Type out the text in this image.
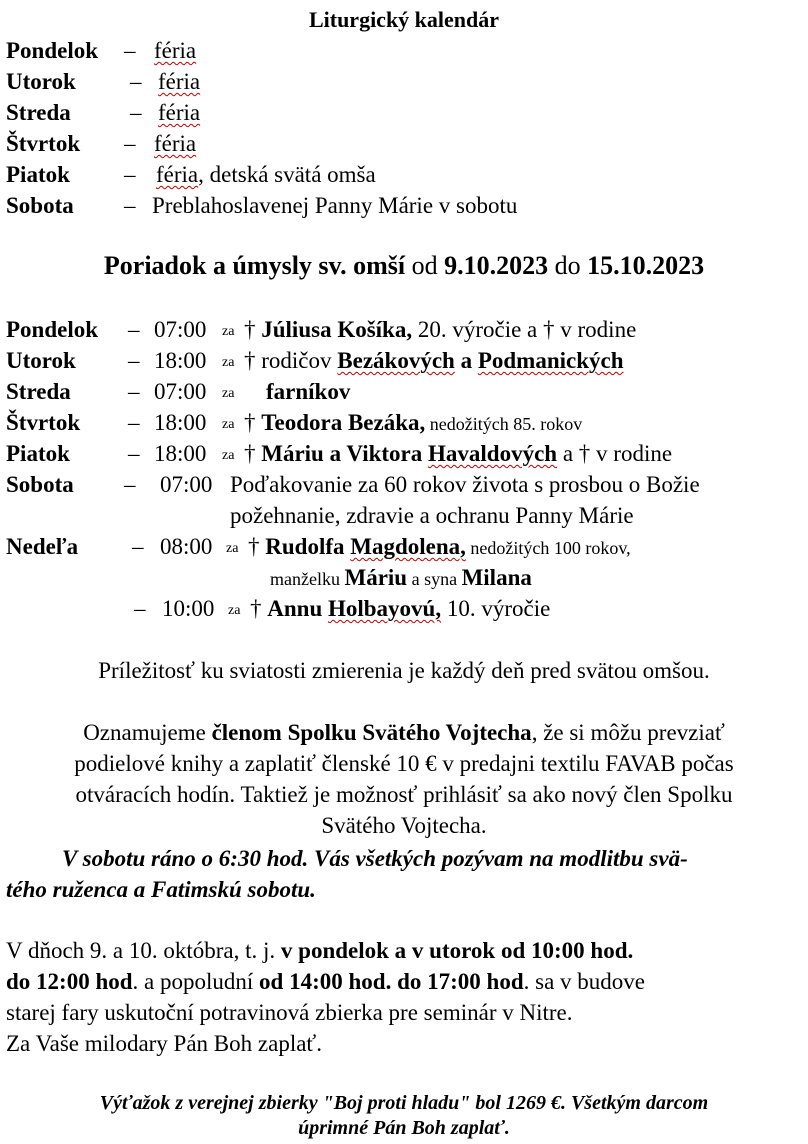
Liturgický kalendár
Pondelok – féria
Utorok – féria
Streda	– féria
Štvrtok – féria
Piatok – féria, detská svätá omša
Sobota – Preblahoslavenej Panny Márie v sobotu
Poriadok a úmysly sv. omší od 9.10.2023 do 15.10.2023
Pondelok – 07:00 za † Júliusa Košíka, 20. výročie a † v rodine
Utorok – 18:00 za † rodičov Bezákových a Podmanických
Streda – 07:00 za farníkov
Štvrtok – 18:00 za † Teodora Bezáka, nedožitých 85. rokov
Piatok	– 18:00 za † Máriu a Viktora Havaldových a † v rodine
Sobota – 07:00 Poďakovanie za 60 rokov života s prosbou o Božie
požehnanie, zdravie a ochranu Panny Márie
Nedeľa – 08:00 za † Rudolfa Magdolena, nedožitých 100 rokov,
manželku Máriu a syna Milana
– 10:00 za † Annu Holbayovú, 10. výročie
Príležitosť ku sviatosti zmierenia je každý deň pred svätou omšou.
Oznamujeme členom Spolku Svätého Vojtecha, že si môžu prevziať
podielové knihy a zaplatiť členské 10 € v predajni textilu FAVAB počas
otváracích hodín. Taktiež je možnosť prihlásiť sa ako nový člen Spolku
Svätého Vojtecha.
V sobotu ráno o 6:30 hod. Vás všetkých pozývam na modlitbu svä-
tého ruženca a Fatimskú sobotu.
V dňoch 9. a 10. októbra, t. j. v pondelok a v utorok od 10:00 hod.
do 12:00 hod. a popoludní od 14:00 hod. do 17:00 hod. sa v budove
starej fary uskutoční potravinová zbierka pre seminár v Nitre.
Za Vaše milodary Pán Boh zaplať.
Výťažok z verejnej zbierky "Boj proti hladu" bol 1269 €. Všetkým darcom
úprimné Pán Boh zaplať.
